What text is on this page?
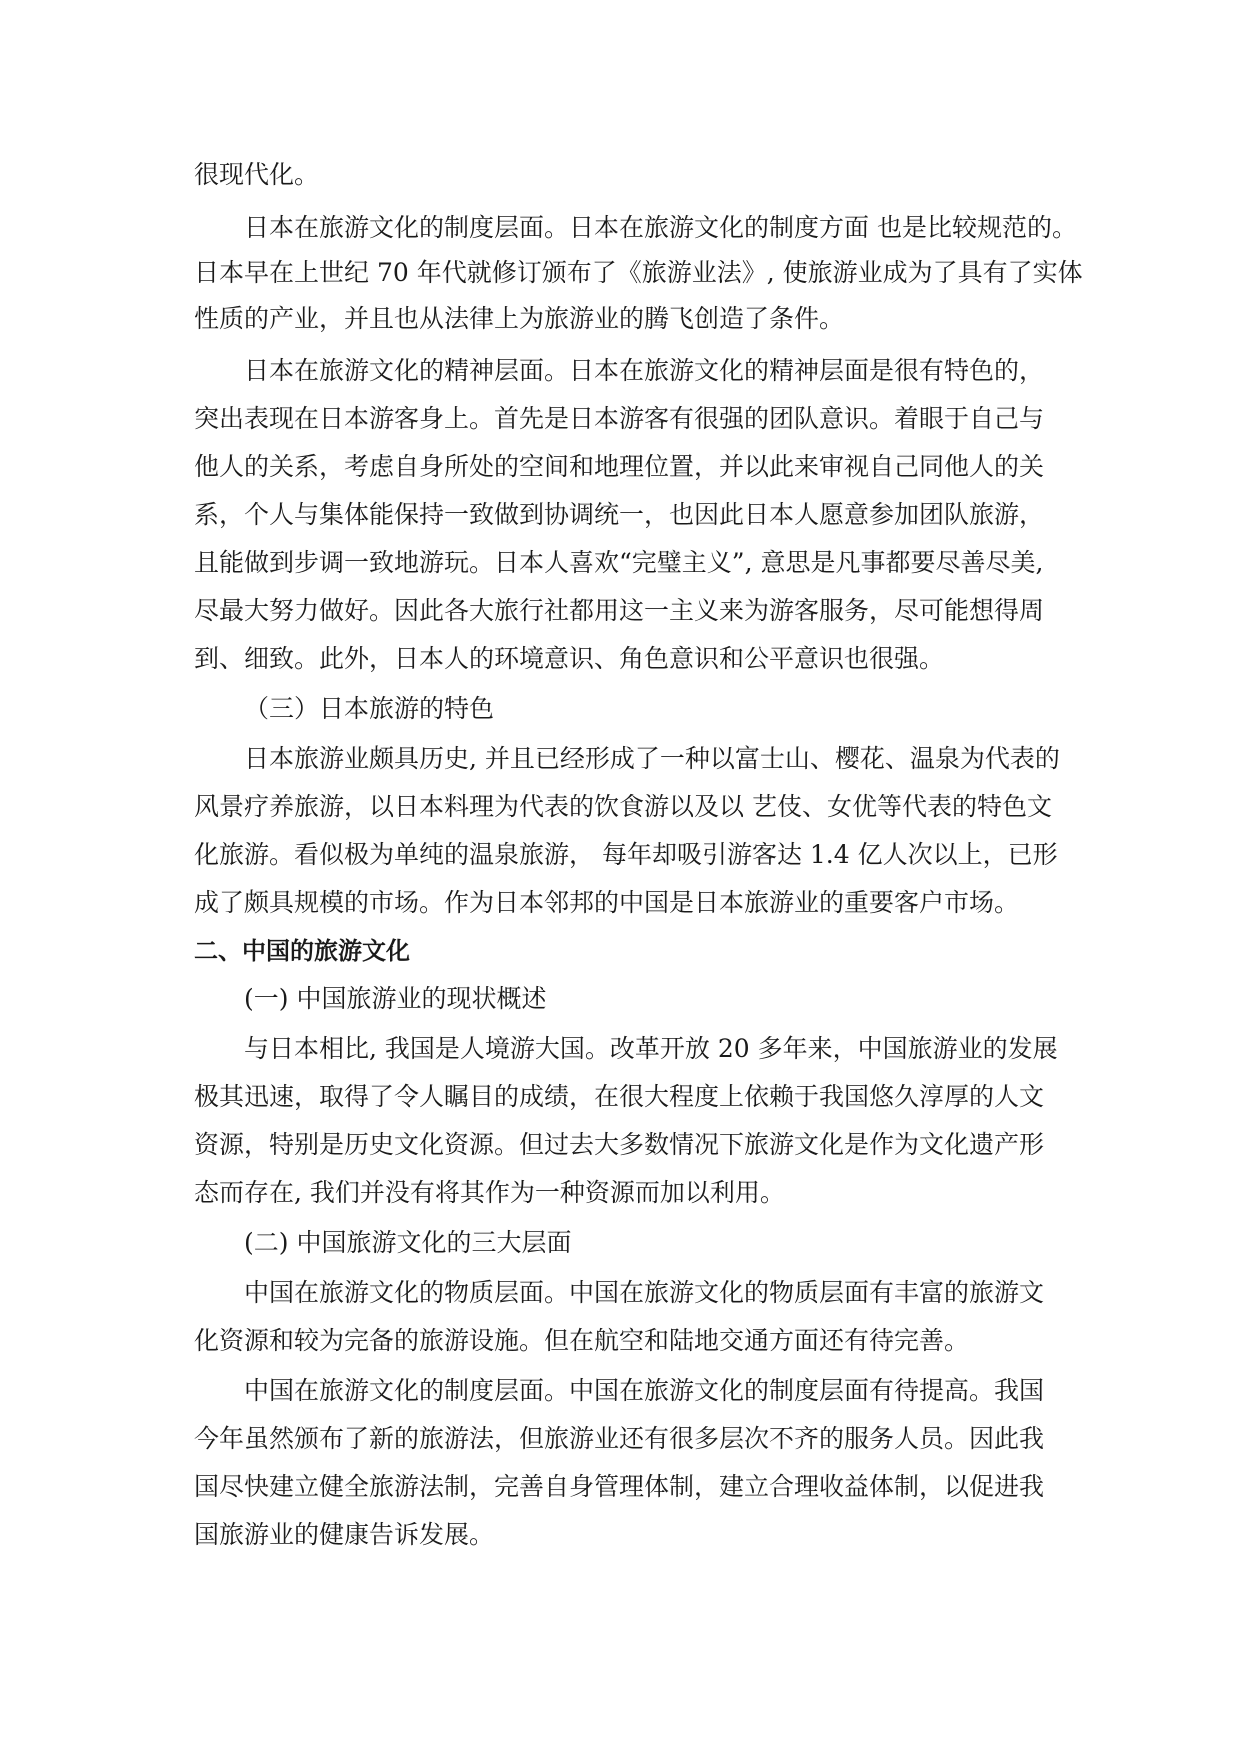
很现代化。
日本在旅游文化的制度层面。日本在旅游文化的制度方面 也是比较规范的。
日本早在上世纪 70 年代就修订颁布了《旅游业法》, 使旅游业成为了具有了实体
性质的产业，并且也从法律上为旅游业的腾飞创造了条件。
日本在旅游文化的精神层面。日本在旅游文化的精神层面是很有特色的，
突出表现在日本游客身上。首先是日本游客有很强的团队意识。着眼于自己与
他人的关系，考虑自身所处的空间和地理位置，并以此来审视自己同他人的关
系，个人与集体能保持一致做到协调统一，也因此日本人愿意参加团队旅游，
且能做到步调一致地游玩。日本人喜欢“完璧主义”, 意思是凡事都要尽善尽美,
尽最大努力做好。因此各大旅行社都用这一主义来为游客服务，尽可能想得周
到、细致。此外，日本人的环境意识、角色意识和公平意识也很强。
（三）日本旅游的特色
日本旅游业颇具历史, 并且已经形成了一种以富士山、樱花、温泉为代表的
风景疗养旅游，以日本料理为代表的饮食游以及以 艺伎、女优等代表的特色文
化旅游。看似极为单纯的温泉旅游， 每年却吸引游客达 1.4 亿人次以上，已形
成了颇具规模的市场。作为日本邻邦的中国是日本旅游业的重要客户市场。
二、中国的旅游文化
(一) 中国旅游业的现状概述
与日本相比, 我国是人境游大国。改革开放 20 多年来，中国旅游业的发展
极其迅速，取得了令人瞩目的成绩，在很大程度上依赖于我国悠久淳厚的人文
资源，特别是历史文化资源。但过去大多数情况下旅游文化是作为文化遗产形
态而存在, 我们并没有将其作为一种资源而加以利用。
(二) 中国旅游文化的三大层面
中国在旅游文化的物质层面。中国在旅游文化的物质层面有丰富的旅游文
化资源和较为完备的旅游设施。但在航空和陆地交通方面还有待完善。
中国在旅游文化的制度层面。中国在旅游文化的制度层面有待提高。我国
今年虽然颁布了新的旅游法，但旅游业还有很多层次不齐的服务人员。因此我
国尽快建立健全旅游法制，完善自身管理体制，建立合理收益体制，以促进我
国旅游业的健康告诉发展。
